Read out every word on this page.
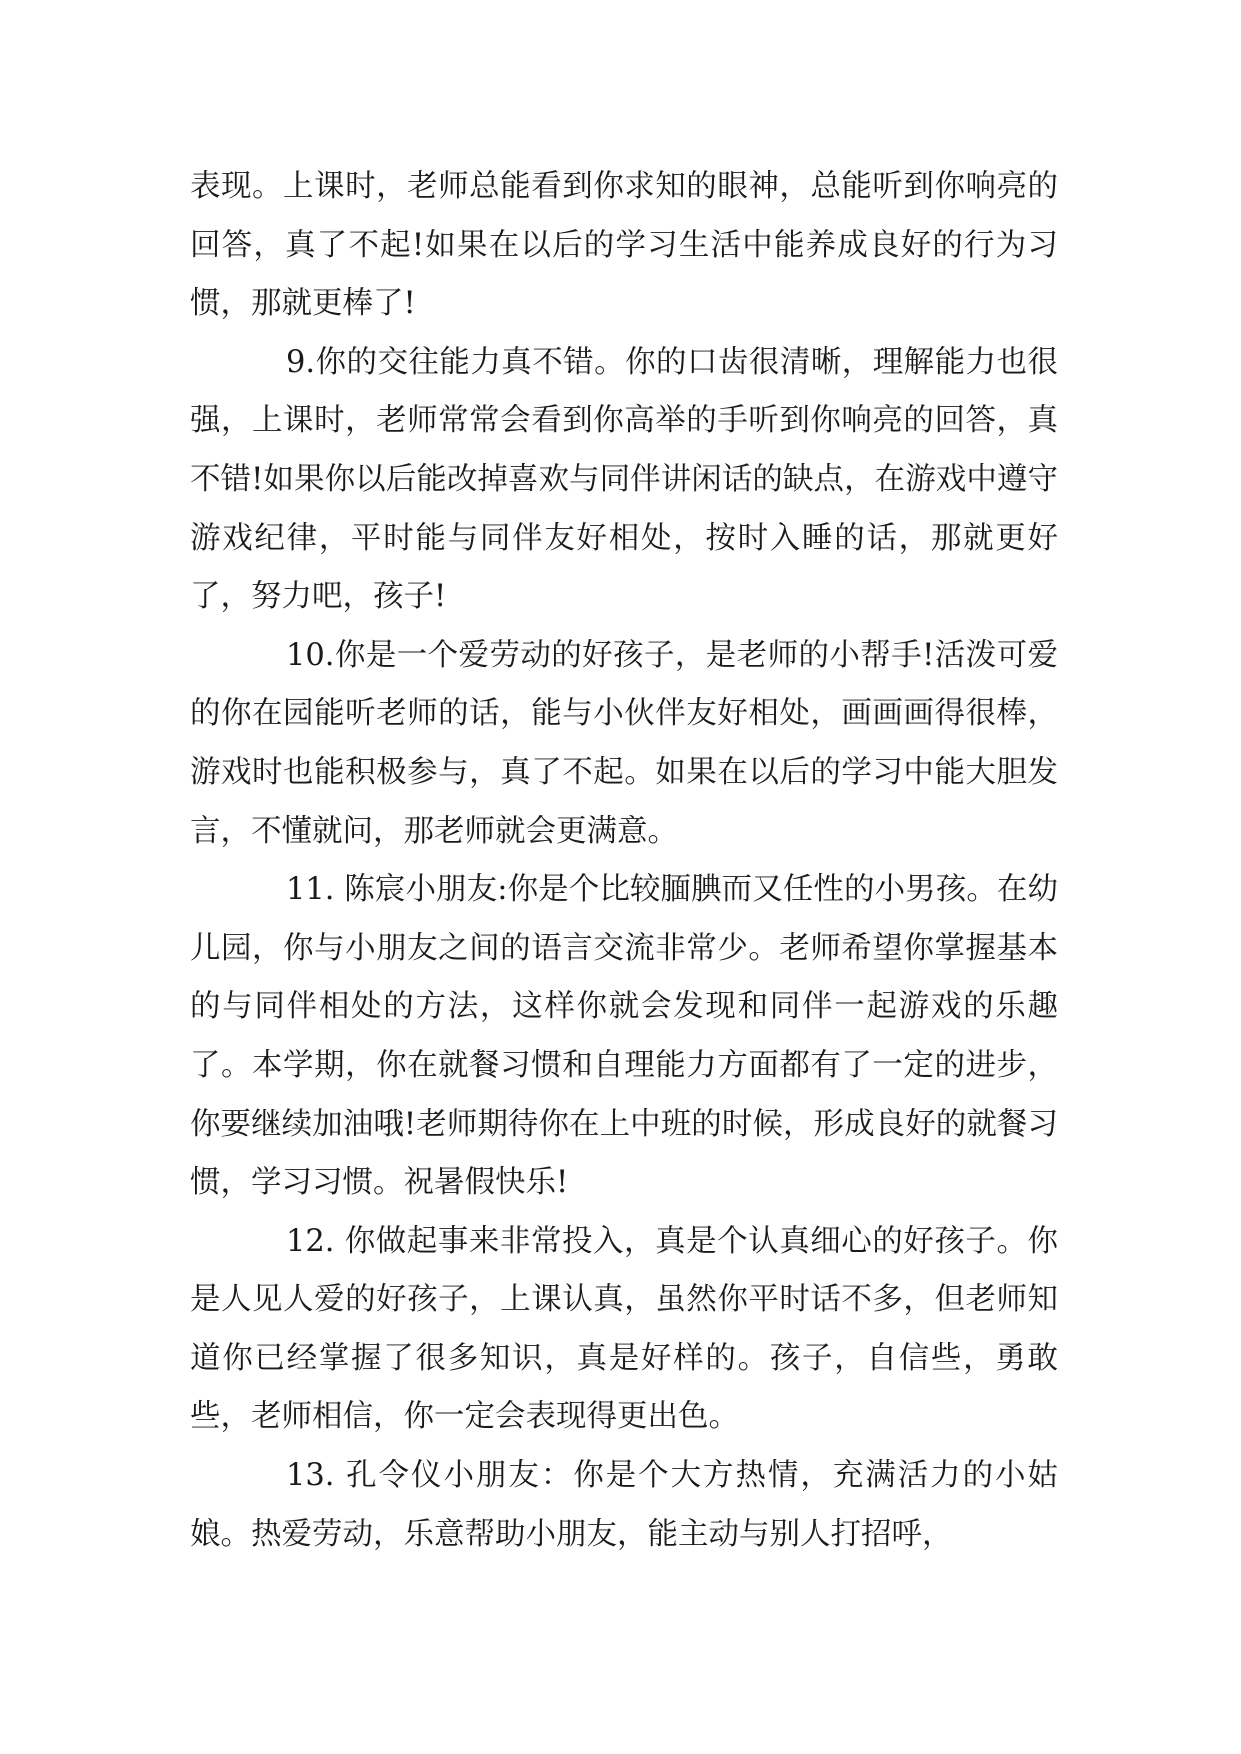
表现。上课时，老师总能看到你求知的眼神，总能听到你响亮的回答，真了不起!如果在以后的学习生活中能养成良好的行为习惯，那就更棒了!

9.你的交往能力真不错。你的口齿很清晰，理解能力也很强，上课时，老师常常会看到你高举的手听到你响亮的回答，真不错!如果你以后能改掉喜欢与同伴讲闲话的缺点，在游戏中遵守游戏纪律，平时能与同伴友好相处，按时入睡的话，那就更好了，努力吧，孩子!

10.你是一个爱劳动的好孩子，是老师的小帮手!活泼可爱的你在园能听老师的话，能与小伙伴友好相处，画画画得很棒，游戏时也能积极参与，真了不起。如果在以后的学习中能大胆发言，不懂就问，那老师就会更满意。

11. 陈宸小朋友:你是个比较腼腆而又任性的小男孩。在幼儿园，你与小朋友之间的语言交流非常少。老师希望你掌握基本的与同伴相处的方法，这样你就会发现和同伴一起游戏的乐趣了。本学期，你在就餐习惯和自理能力方面都有了一定的进步，你要继续加油哦!老师期待你在上中班的时候，形成良好的就餐习惯，学习习惯。祝暑假快乐!

12. 你做起事来非常投入，真是个认真细心的好孩子。你是人见人爱的好孩子，上课认真，虽然你平时话不多，但老师知道你已经掌握了很多知识，真是好样的。孩子，自信些，勇敢些，老师相信，你一定会表现得更出色。

13. 孔令仪小朋友：你是个大方热情，充满活力的小姑娘。热爱劳动，乐意帮助小朋友，能主动与别人打招呼，
